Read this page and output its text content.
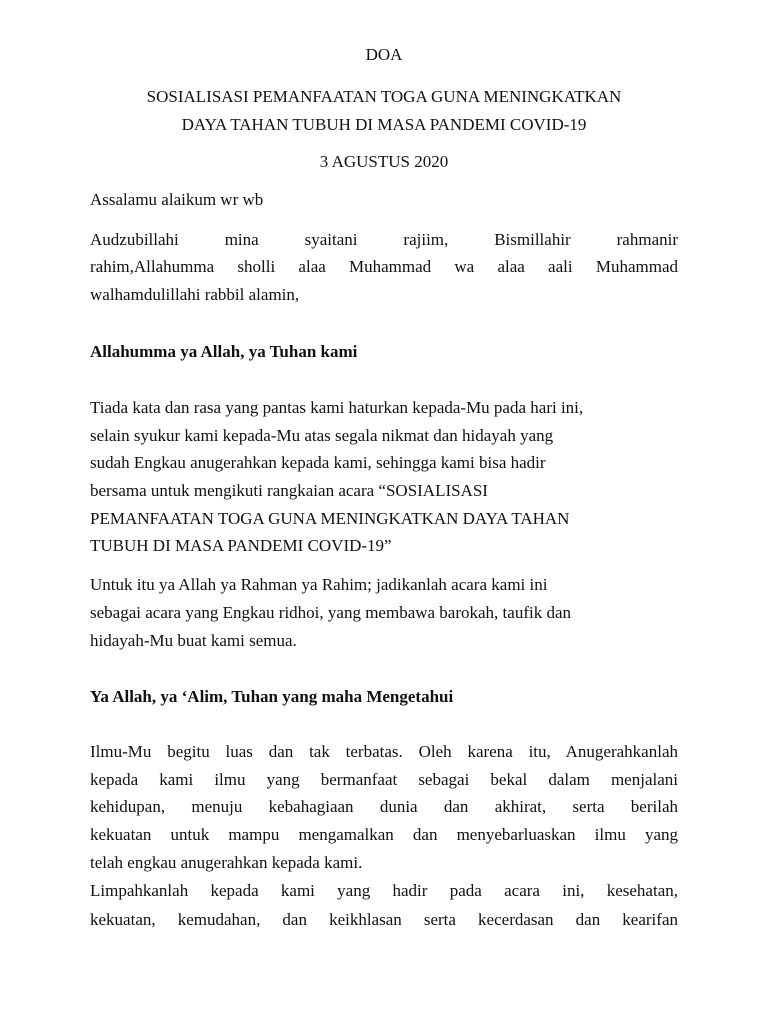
DOA
SOSIALISASI PEMANFAATAN TOGA GUNA MENINGKATKAN
DAYA TAHAN TUBUH DI MASA PANDEMI COVID-19
3 AGUSTUS 2020
Assalamu alaikum wr wb
Audzubillahi mina syaitani rajiim, Bismillahir rahmanir
rahim,Allahumma sholli alaa Muhammad wa alaa aali Muhammad
walhamdulillahi rabbil alamin,
Allahumma ya Allah, ya Tuhan kami
Tiada kata dan rasa yang pantas kami haturkan kepada-Mu pada hari ini,
selain syukur kami kepada-Mu atas segala nikmat dan hidayah yang
sudah Engkau anugerahkan kepada kami, sehingga kami bisa hadir
bersama untuk mengikuti rangkaian acara “SOSIALISASI
PEMANFAATAN TOGA GUNA MENINGKATKAN DAYA TAHAN
TUBUH DI MASA PANDEMI COVID-19”
Untuk itu ya Allah ya Rahman ya Rahim; jadikanlah acara kami ini
sebagai acara yang Engkau ridhoi, yang membawa barokah, taufik dan
hidayah-Mu buat kami semua.
Ya Allah, ya ‘Alim, Tuhan yang maha Mengetahui
Ilmu-Mu begitu luas dan tak terbatas. Oleh karena itu, Anugerahkanlah
kepada kami ilmu yang bermanfaat sebagai bekal dalam menjalani
kehidupan, menuju kebahagiaan dunia dan akhirat, serta berilah
kekuatan untuk mampu mengamalkan dan menyebarluaskan ilmu yang
telah engkau anugerahkan kepada kami.
Limpahkanlah kepada kami yang hadir pada acara ini, kesehatan,
kekuatan, kemudahan, dan keikhlasan serta kecerdasan dan kearifan
